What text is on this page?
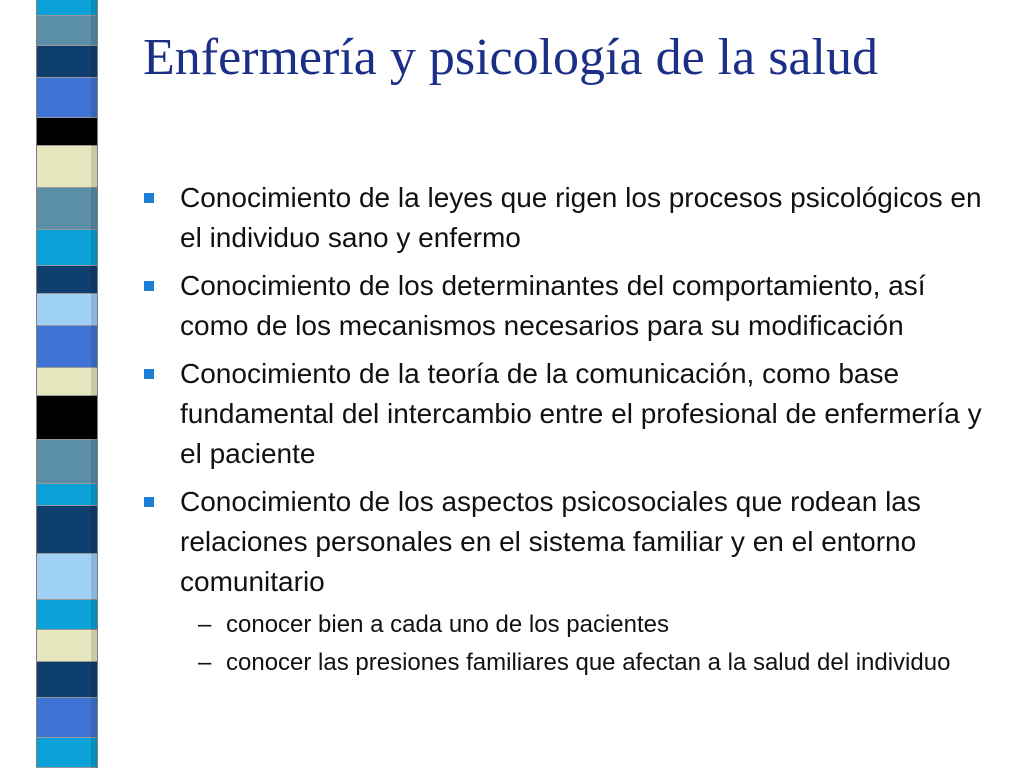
Enfermería y psicología de la salud
Conocimiento de la leyes que rigen los procesos psicológicos en el individuo sano y enfermo
Conocimiento de los determinantes del comportamiento, así como de los mecanismos necesarios para su modificación
Conocimiento de la teoría de la comunicación, como base fundamental del intercambio entre el profesional de enfermería y el paciente
Conocimiento de los aspectos psicosociales que rodean las relaciones personales en el sistema familiar y en el entorno comunitario
– conocer bien a cada uno de los pacientes
– conocer las presiones familiares que afectan a la salud del individuo
